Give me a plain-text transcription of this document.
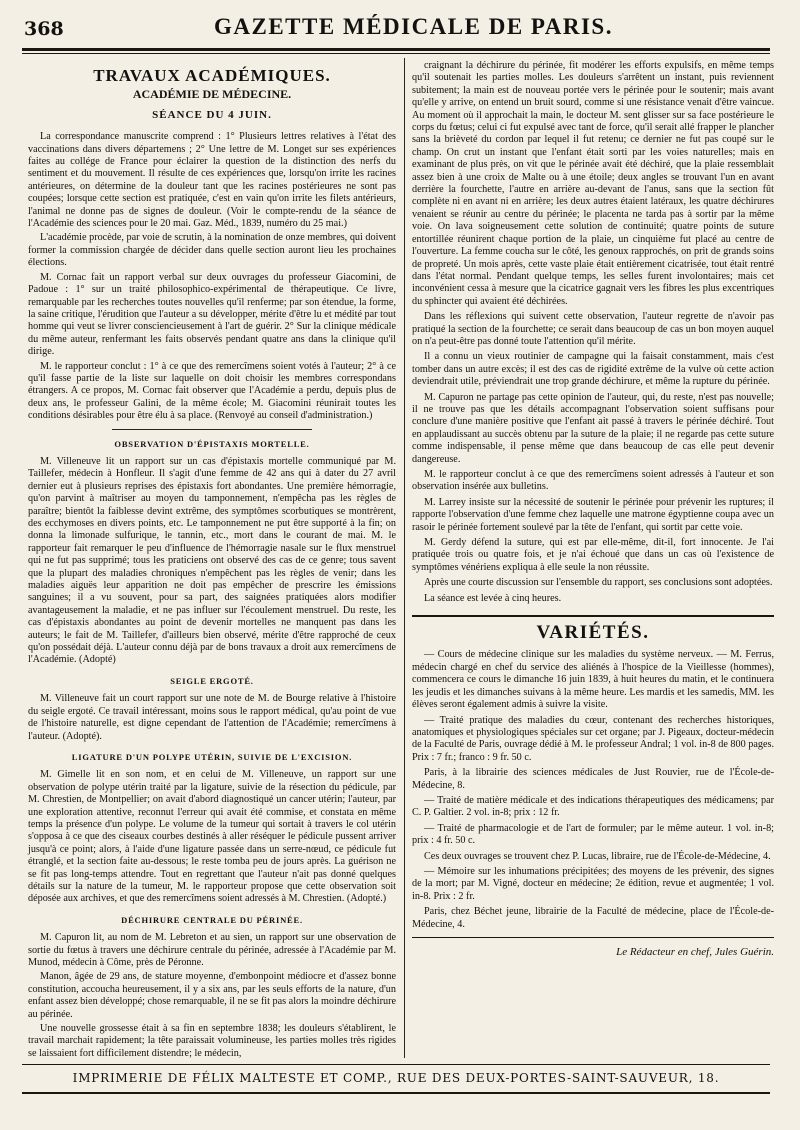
368	GAZETTE MÉDICALE DE PARIS.
TRAVAUX ACADÉMIQUES.
ACADÉMIE DE MÉDECINE.
SÉANCE DU 4 JUIN.

La correspondance manuscrite comprend : 1° Plusieurs lettres relatives à l'état des vaccinations dans divers départemens ; 2° Une lettre de M. Longet sur ses expériences faites au collége de France pour éclairer la question de la distinction des nerfs du sentiment et du mouvement. Il résulte de ces expériences que, lorsqu'on irrite les racines antérieures, on détermine de la douleur tant que les racines postérieures ne sont pas coupées; lorsque cette section est pratiquée, c'est en vain qu'on irrite les filets antérieurs, l'animal ne donne pas de signes de douleur. (Voir le compte-rendu de la séance de l'Académie des sciences pour le 20 mai. Gaz. Méd., 1839, numéro du 25 mai.)

L'académie procède, par voie de scrutin, à la nomination de onze membres, qui doivent former la commission chargée de décider dans quelle section auront lieu les prochaines élections.

M. Cornac fait un rapport verbal sur deux ouvrages du professeur Giacomini, de Padoue : 1° sur un traité philosophico-expérimental de thérapeutique. Ce livre, remarquable par les recherches toutes nouvelles qu'il renferme; par son étendue, la forme, la saine critique, l'érudition que l'auteur a su développer, mérite d'être lu et médité par tout homme qui veut se livrer consciencieusement à l'art de guérir. 2° Sur la clinique médicale du même auteur, renfermant les faits observés pendant quatre ans dans la clinique qu'il dirige.

M. le rapporteur conclut : 1° à ce que des remercîmens soient votés à l'auteur; 2° à ce qu'il fasse partie de la liste sur laquelle on doit choisir les membres correspondans étrangers. A ce propos, M. Cornac fait observer que l'Académie a perdu, depuis plus de deux ans, le professeur Galini, de la même école; M. Giacomini réunirait toutes les conditions désirables pour être élu à sa place. (Renvoyé au conseil d'administration.)

OBSERVATION D'ÉPISTAXIS MORTELLE.

M. Villeneuve lit un rapport sur un cas d'épistaxis mortelle communiqué par M. Taillefer, médecin à Honfleur. Il s'agit d'une femme de 42 ans qui à dater du 27 avril dernier eut à plusieurs reprises des épistaxis fort abondantes. Une première hémorragie, qu'on parvint à maîtriser au moyen du tamponnement, n'empêcha pas les règles de paraître; bientôt la faiblesse devint extrême, des symptômes scorbutiques se montrèrent, des ecchymoses en divers points, etc. Le tamponnement ne put être supporté à la fin; on donna la limonade sulfurique, le tannin, etc., mort dans le courant de mai. M. le rapporteur fait remarquer le peu d'influence de l'hémorragie nasale sur le flux menstruel qui ne fut pas supprimé; tous les praticiens ont observé des cas de ce genre; tous savent que la plupart des maladies chroniques n'empêchent pas les règles de venir; dans les maladies aiguës leur apparition ne doit pas empêcher de prescrire les émissions sanguines; il a vu souvent, pour sa part, des saignées pratiquées alors modifier avantageusement la maladie, et ne pas influer sur l'écoulement menstruel. Du reste, les cas d'épistaxis abondantes au point de devenir mortelles ne manquent pas dans les auteurs; le fait de M. Taillefer, d'ailleurs bien observé, mérite d'être rapproché de ceux qu'on possédait déjà. L'auteur connu déjà par de bons travaux a droit aux remercîmens de l'Académie. (Adopté)

SEIGLE ERGOTÉ.

M. Villeneuve fait un court rapport sur une note de M. de Bourge relative à l'histoire du seigle ergoté. Ce travail intéressant, moins sous le rapport médical, qu'au point de vue de l'histoire naturelle, est digne cependant de l'attention de l'Académie; remercîmens à l'auteur. (Adopté).

LIGATURE D'UN POLYPE UTÉRIN, SUIVIE DE L'EXCISION.

M. Gimelle lit en son nom, et en celui de M. Villeneuve, un rapport sur une observation de polype utérin traité par la ligature, suivie de la résection du pédicule, par M. Chrestien, de Montpellier; on avait d'abord diagnostiqué un cancer utérin; l'auteur, par une exploration attentive, reconnut l'erreur qui avait été commise, et constata en même temps la présence d'un polype. Le volume de la tumeur qui sortait à travers le col utérin s'opposa à ce que des ciseaux courbes destinés à aller réséquer le pédicule pussent arriver jusqu'à ce point; alors, à l'aide d'une ligature passée dans un serre-nœud, ce pédicule fut étranglé, et la section faite au-dessous; le reste tomba peu de jours après. La guérison ne se fit pas long-temps attendre. Tout en regrettant que l'auteur n'ait pas donné quelques détails sur la nature de la tumeur, M. le rapporteur propose que cette observation soit déposée aux archives, et que des remercîmens soient adressés à M. Chrestien. (Adopté.)

DÉCHIRURE CENTRALE DU PÉRINÉE.

M. Capuron lit, au nom de M. Lebreton et au sien, un rapport sur une observation de sortie du fœtus à travers une déchirure centrale du périnée, adressée à l'Académie par M. Munod, médecin à Côme, près de Péronne.

Manon, âgée de 29 ans, de stature moyenne, d'embonpoint médiocre et d'assez bonne constitution, accoucha heureusement, il y a six ans, par les seuls efforts de la nature, d'un enfant assez bien développé; chose remarquable, il ne se fit pas alors la moindre déchirure au périnée.

Une nouvelle grossesse était à sa fin en septembre 1838; les douleurs s'établirent, le travail marchait rapidement; la tête paraissait volumineuse, les parties molles très rigides se laissaient fort difficilement distendre; le médecin,

craignant la déchirure du périnée, fit modérer les efforts expulsifs, en même temps qu'il soutenait les parties molles. Les douleurs s'arrêtent un instant, puis reviennent subitement; la main est de nouveau portée vers le périnée pour le soutenir; mais avant qu'elle y arrive, on entend un bruit sourd, comme si une résistance venait d'être vaincue. Au moment où il approchait la main, le docteur M. sent glisser sur sa face postérieure le corps du fœtus; celui ci fut expulsé avec tant de force, qu'il serait allé frapper le plancher sans la brièveté du cordon par lequel il fut retenu; ce dernier ne fut pas coupé sur le champ. On crut un instant que l'enfant était sorti par les voies naturelles; mais en examinant de plus près, on vit que le périnée avait été déchiré, que la plaie ressemblait assez bien à une croix de Malte ou à une étoile; deux angles se trouvant l'un en avant derrière la fourchette, l'autre en arrière au-devant de l'anus, sans que la section fût complète ni en avant ni en arrière; les deux autres étaient latéraux, les quatre déchirures venaient se réunir au centre du périnée; le placenta ne tarda pas à sortir par la même voie. On lava soigneusement cette solution de continuité; quatre points de suture entortillée réunirent chaque portion de la plaie, un cinquième fut placé au centre de l'ouverture. La femme coucha sur le côté, les genoux rapprochés, on prit de grands soins de propreté. Un mois après, cette vaste plaie était entièrement cicatrisée, tout était rentré dans l'état normal. Pendant quelque temps, les selles furent involontaires; mais cet inconvénient cessa à mesure que la cicatrice gagnait vers les fibres les plus excentriques du sphincter qui avaient été déchirées.

Dans les réflexions qui suivent cette observation, l'auteur regrette de n'avoir pas pratiqué la section de la fourchette; ce serait dans beaucoup de cas un bon moyen auquel on n'a peut-être pas donné toute l'attention qu'il mérite.

Il a connu un vieux routinier de campagne qui la faisait constamment, mais c'est tomber dans un autre excès; il est des cas de rigidité extrême de la vulve où cette action deviendrait utile, préviendrait une trop grande déchirure, et même la rupture du périnée.

M. Capuron ne partage pas cette opinion de l'auteur, qui, du reste, n'est pas nouvelle; il ne trouve pas que les détails accompagnant l'observation soient suffisans pour conclure d'une manière positive que l'enfant ait passé à travers le périnée déchiré. Tout en applaudissant au succès obtenu par la suture de la plaie; il ne regarde pas cette suture comme indispensable, il pense même que dans beaucoup de cas elle peut devenir dangereuse.

M. le rapporteur conclut à ce que des remercîmens soient adressés à l'auteur et son observation insérée aux bulletins.

M. Larrey insiste sur la nécessité de soutenir le périnée pour prévenir les ruptures; il rapporte l'observation d'une femme chez laquelle une matrone égyptienne coupa avec un rasoir le périnée fortement soulevé par la tête de l'enfant, qui sortit par cette voie.

M. Gerdy défend la suture, qui est par elle-même, dit-il, fort innocente. Je l'ai pratiquée trois ou quatre fois, et je n'ai échoué que dans un cas où l'existence de symptômes vénériens expliqua à elle seule la non réussite.

Après une courte discussion sur l'ensemble du rapport, ses conclusions sont adoptées.

La séance est levée à cinq heures.

VARIÉTÉS.

— Cours de médecine clinique sur les maladies du système nerveux. — M. Ferrus, médecin chargé en chef du service des aliénés à l'hospice de la Vieillesse (hommes), commencera ce cours le dimanche 16 juin 1839, à huit heures du matin, et le continuera les jeudis et les dimanches suivans à la même heure. Les mardis et les samedis, MM. les élèves seront également admis à suivre la visite.

— Traité pratique des maladies du cœur, contenant des recherches historiques, anatomiques et physiologiques spéciales sur cet organe; par J. Pigeaux, docteur-médecin de la Faculté de Paris, ouvrage dédié à M. le professeur Andral; 1 vol. in-8 de 800 pages. Prix : 7 fr.; franco : 9 fr. 50 c.

Paris, à la librairie des sciences médicales de Just Rouvier, rue de l'École-de-Médecine, 8.

— Traité de matière médicale et des indications thérapeutiques des médicamens; par C. P. Galtier. 2 vol. in-8; prix : 12 fr.

— Traité de pharmacologie et de l'art de formuler; par le même auteur. 1 vol. in-8; prix : 4 fr. 50 c.

Ces deux ouvrages se trouvent chez P. Lucas, libraire, rue de l'École-de-Médecine, 4.

— Mémoire sur les inhumations précipitées; des moyens de les prévenir, des signes de la mort; par M. Vigné, docteur en médecine; 2e édition, revue et augmentée; 1 vol. in-8. Prix : 2 fr.

Paris, chez Béchet jeune, librairie de la Faculté de médecine, place de l'École-de-Médecine, 4.

Le Rédacteur en chef, Jules Guérin.
IMPRIMERIE DE FÉLIX MALTESTE ET COMP., RUE DES DEUX-PORTES-SAINT-SAUVEUR, 18.
